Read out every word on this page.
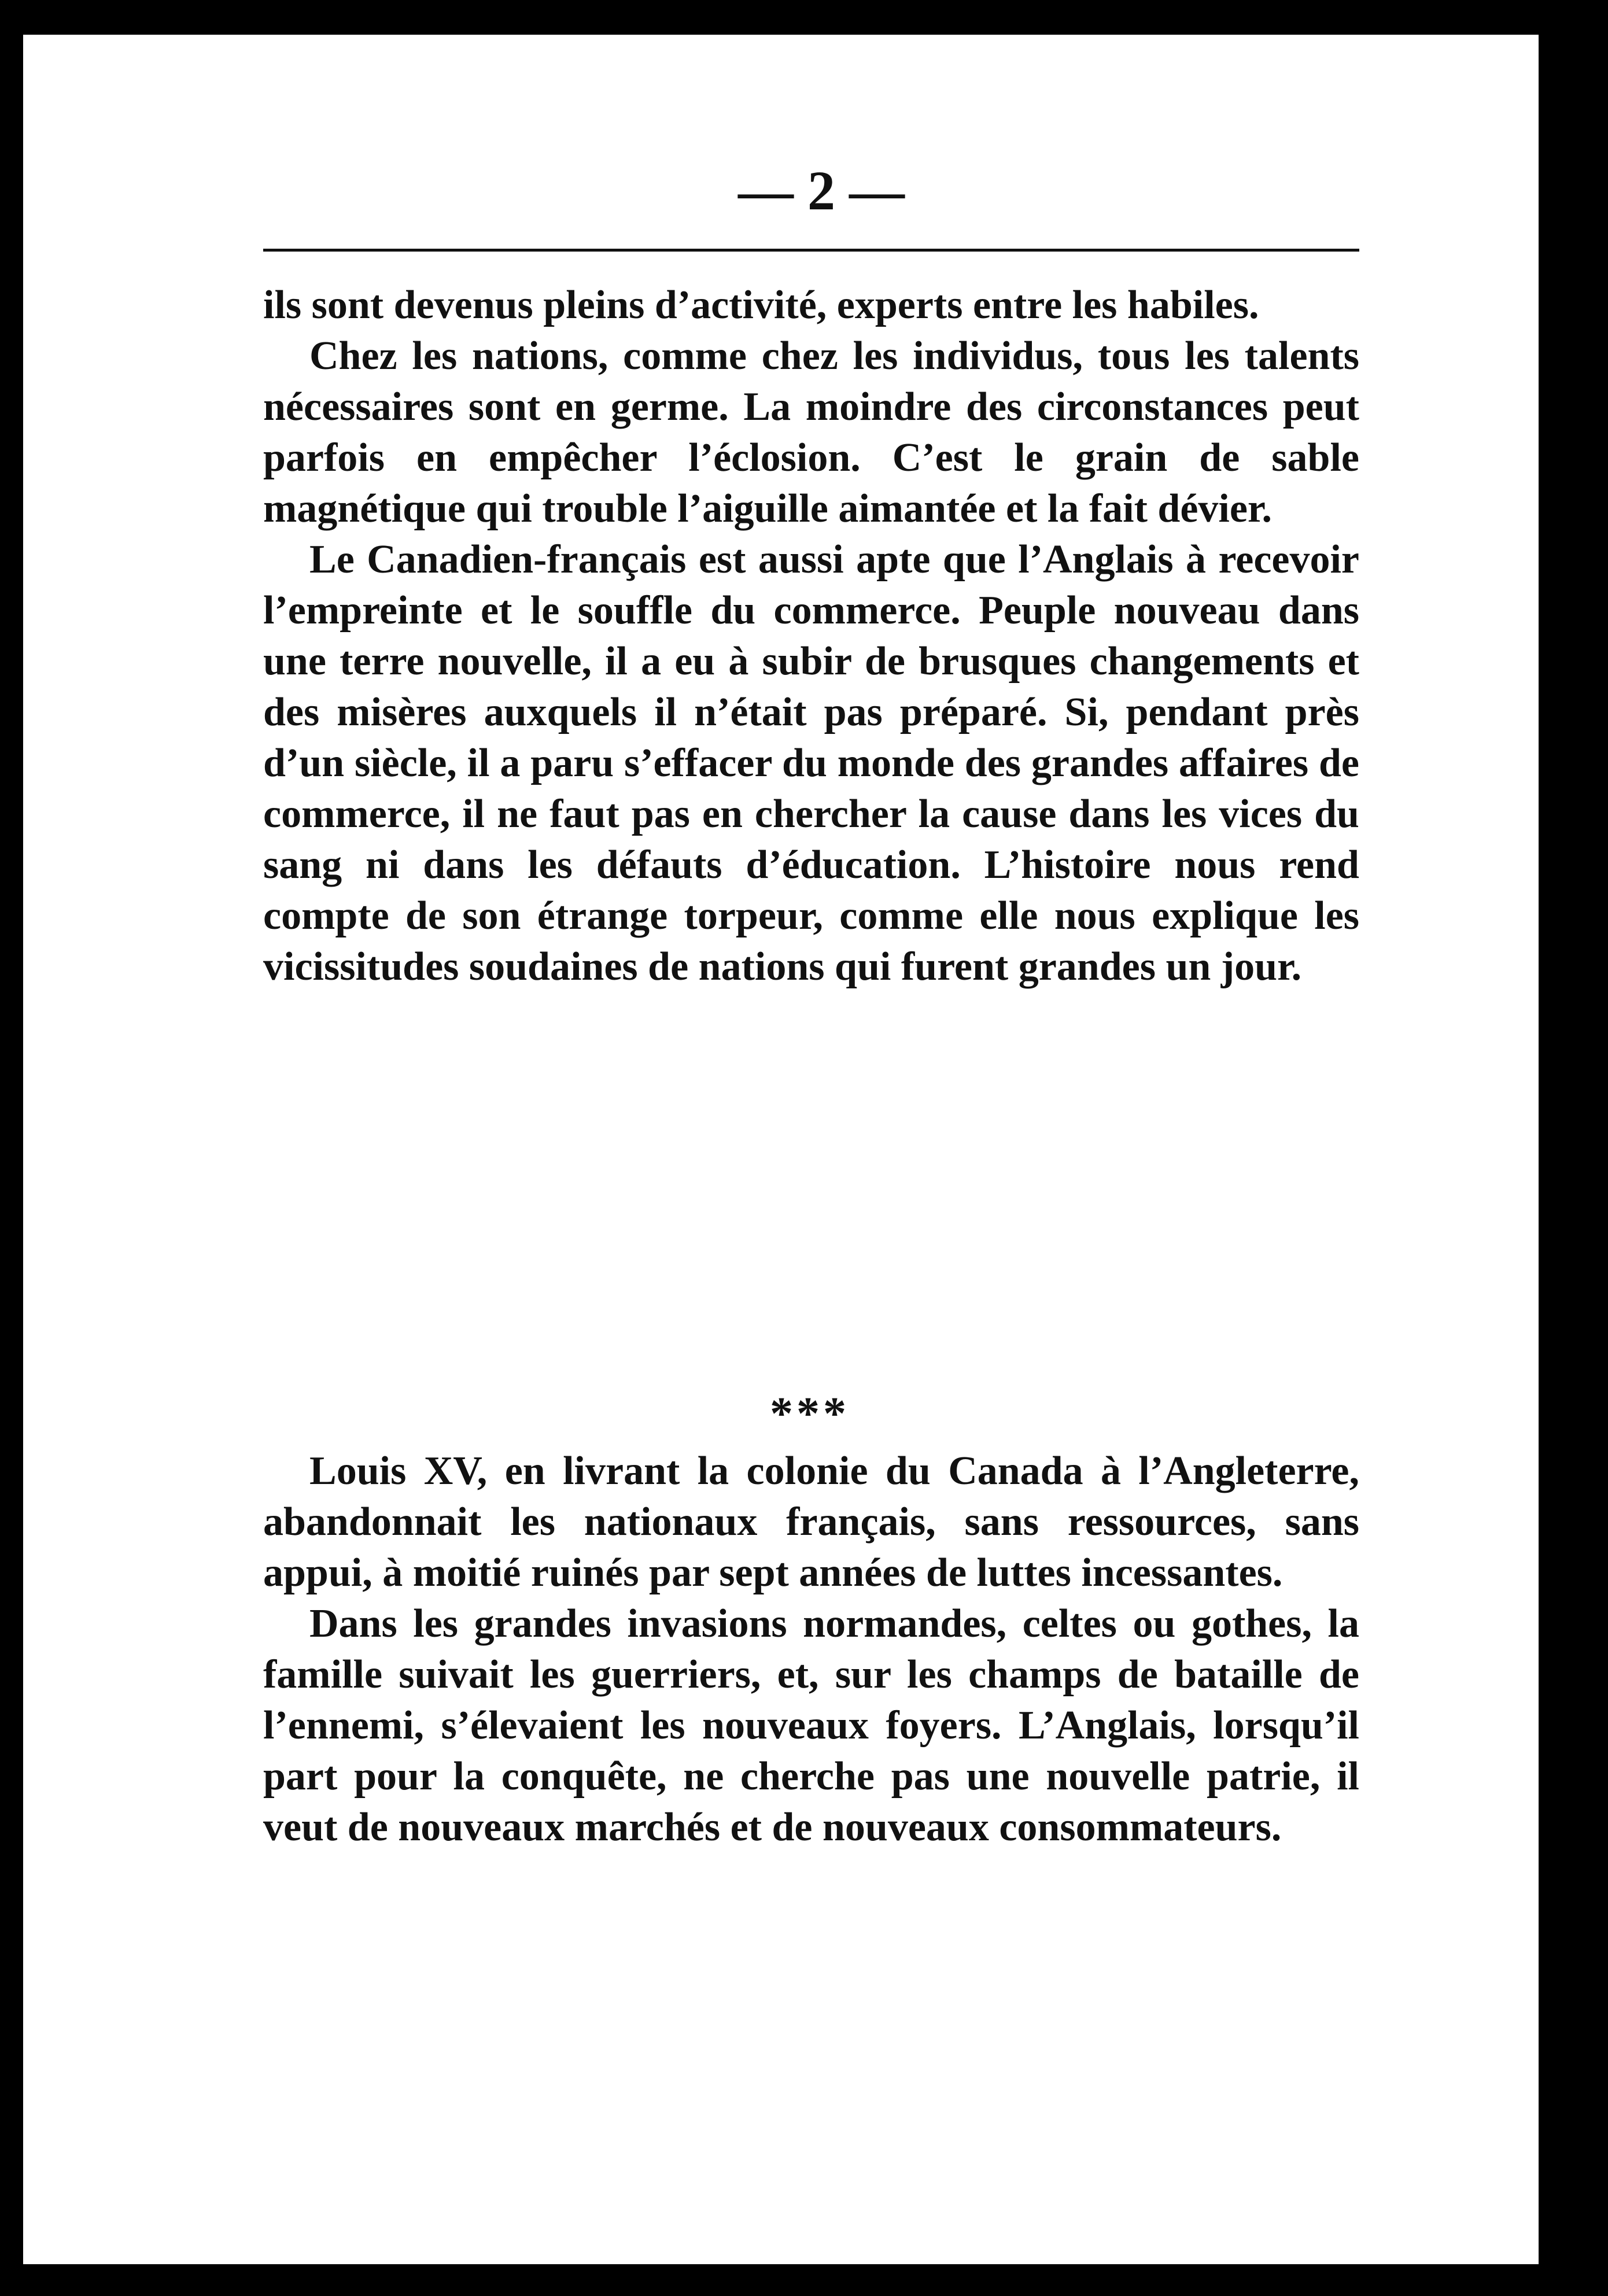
— 2 —

ils sont devenus pleins d’activité, experts entre les habiles.

Chez les nations, comme chez les individus, tous les talents nécessaires sont en germe. La moindre des circonstances peut parfois en empêcher l’éclosion. C’est le grain de sable magnétique qui trouble l’aiguille aimantée et la fait dévier.

Le Canadien-français est aussi apte que l’Anglais à recevoir l’empreinte et le souffle du commerce. Peuple nouveau dans une terre nouvelle, il a eu à subir de brusques changements et des misères auxquels il n’était pas préparé. Si, pendant près d’un siècle, il a paru s’effacer du monde des grandes affaires de commerce, il ne faut pas en chercher la cause dans les vices du sang ni dans les défauts d’éducation. L’histoire nous rend compte de son étrange torpeur, comme elle nous explique les vicissitudes soudaines de nations qui furent grandes un jour.

***

Louis XV, en livrant la colonie du Canada à l’Angleterre, abandonnait les nationaux français, sans ressources, sans appui, à moitié ruinés par sept années de luttes incessantes.

Dans les grandes invasions normandes, celtes ou gothes, la famille suivait les guerriers, et, sur les champs de bataille de l’ennemi, s’élevaient les nouveaux foyers. L’Anglais, lorsqu’il part pour la conquête, ne cherche pas une nouvelle patrie, il veut de nouveaux marchés et de nouveaux consommateurs.
